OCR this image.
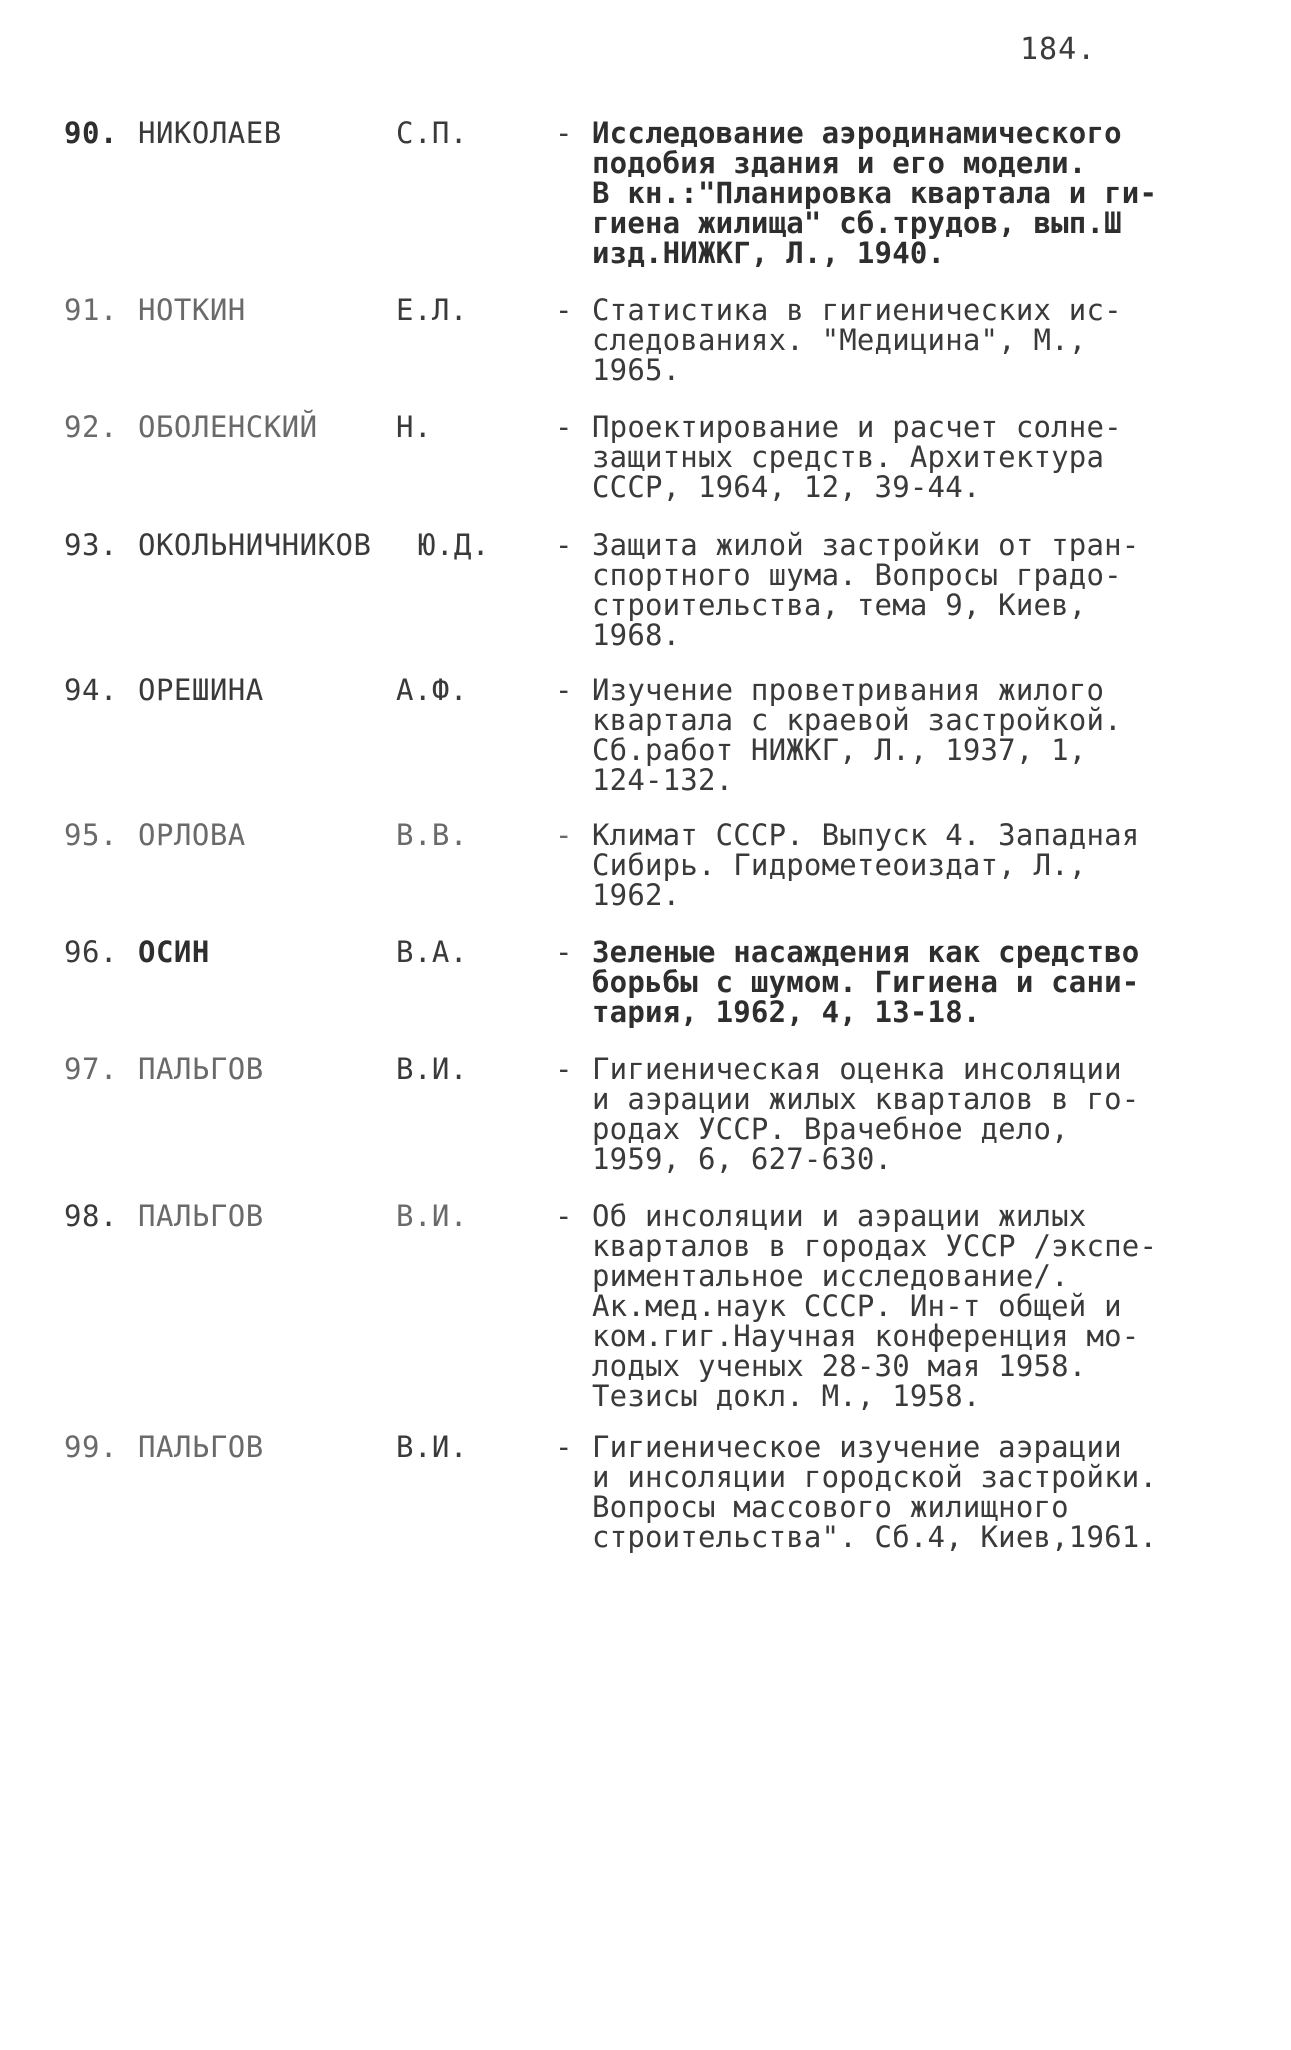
184.
90. НИКОЛАЕВ	С.П.	- Исследование аэродинамического
подобия здания и его модели.
В кн.:"Планировка квартала и ги-
гиена жилища" сб.трудов, вып.Ш
изд.НИЖКГ, Л., 1940.
91. НОТКИН	Е.Л.	- Статистика в гигиенических ис-
следованиях. "Медицина", М.,
1965.
92. ОБОЛЕНСКИЙ	Н.	- Проектирование и расчет солне-
защитных средств. Архитектура
СССР, 1964, 12, 39-44.
93. ОКОЛЬНИЧНИКОВ Ю.Д. - Защита жилой застройки от тран-
спортного шума. Вопросы градо-
строительства, тема 9, Киев,
1968.
94. ОРЕШИНА	А.Ф.	- Изучение проветривания жилого
квартала с краевой застройкой.
Сб.работ НИЖКГ, Л., 1937, 1,
124-132.
95. ОРЛОВА	В.В.	- Климат СССР. Выпуск 4. Западная
Сибирь. Гидрометеоиздат, Л.,
1962.
96. ОСИН	В.А.	- Зеленые насаждения как средство
борьбы с шумом. Гигиена и сани-
тария, 1962, 4, 13-18.
97. ПАЛЬГОВ	В.И.	- Гигиеническая оценка инсоляции
и аэрации жилых кварталов в го-
родах УССР. Врачебное дело,
1959, 6, 627-630.
98. ПАЛЬГОВ	В.И.	- Об инсоляции и аэрации жилых
кварталов в городах УССР /экспе-
риментальное исследование/.
Ак.мед.наук СССР. Ин-т общей и
ком.гиг.Научная конференция мо-
лодых ученых 28-30 мая 1958.
Тезисы докл. М., 1958.
99. ПАЛЬГОВ	В.И.	- Гигиеническое изучение аэрации
и инсоляции городской застройки.
Вопросы массового жилищного
строительства". Сб.4, Киев,1961.
